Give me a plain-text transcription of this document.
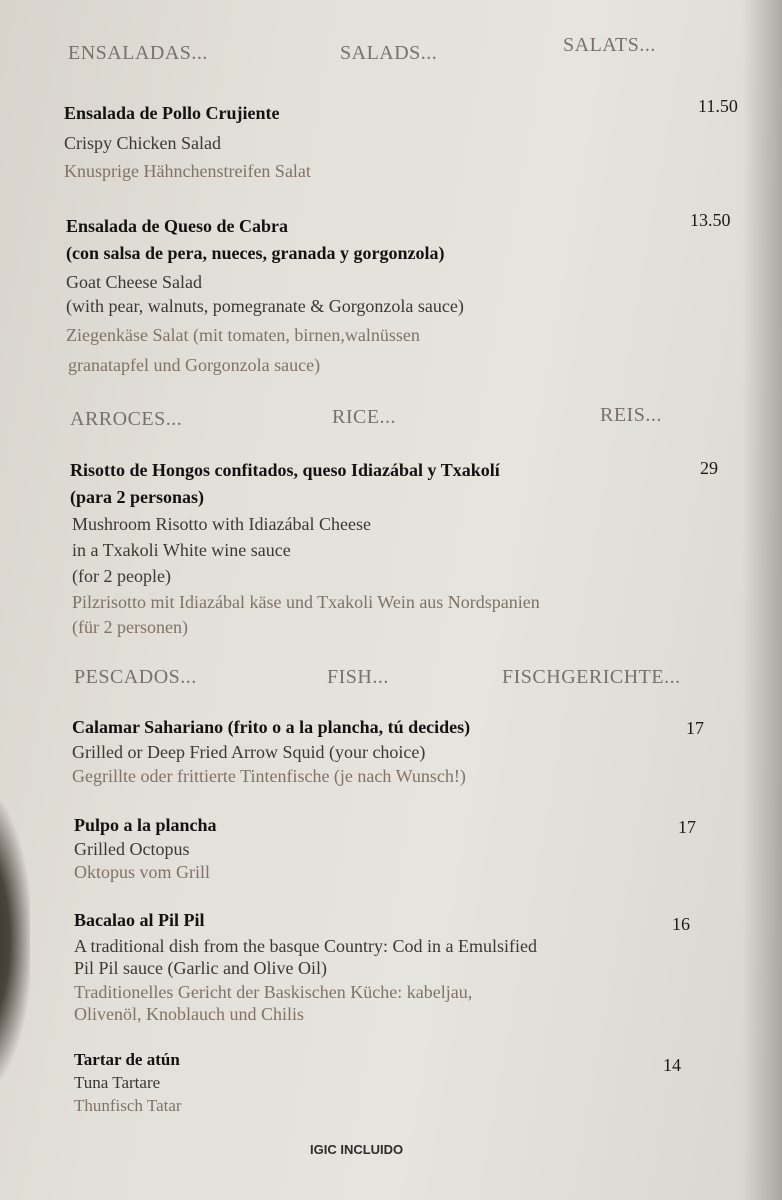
ENSALADAS...	SALADS...	SALATS...
Ensalada de Pollo Crujiente
Crispy Chicken Salad
Knusprige Hähnchenstreifen Salat
11.50
Ensalada de Queso de Cabra
(con salsa de pera, nueces, granada y gorgonzola)
Goat Cheese Salad
(with pear, walnuts, pomegranate & Gorgonzola sauce)
Ziegenkäse Salat (mit tomaten, birnen,walnüssen
granatapfel und Gorgonzola sauce)
13.50
ARROCES...	RICE...	REIS...
Risotto de Hongos confitados, queso Idiazábal y Txakolí
(para 2 personas)
Mushroom Risotto with Idiazábal Cheese
in a Txakoli White wine sauce
(for 2 people)
Pilzrisotto mit Idiazábal käse und Txakoli Wein aus Nordspanien
(für 2 personen)
29
PESCADOS...	FISH...	FISCHGERICHTE...
Calamar Sahariano (frito o a la plancha, tú decides)
Grilled or Deep Fried Arrow Squid (your choice)
Gegrillte oder frittierte Tintenfische (je nach Wunsch!)
17
Pulpo a la plancha
Grilled Octopus
Oktopus vom Grill
17
Bacalao al Pil Pil
A traditional dish from the basque Country: Cod in a Emulsified
Pil Pil sauce (Garlic and Olive Oil)
Traditionelles Gericht der Baskischen Küche: kabeljau,
Olivenöl, Knoblauch und Chilis
16
Tartar de atún
Tuna Tartare
Thunfisch Tatar
14
IGIC INCLUIDO
